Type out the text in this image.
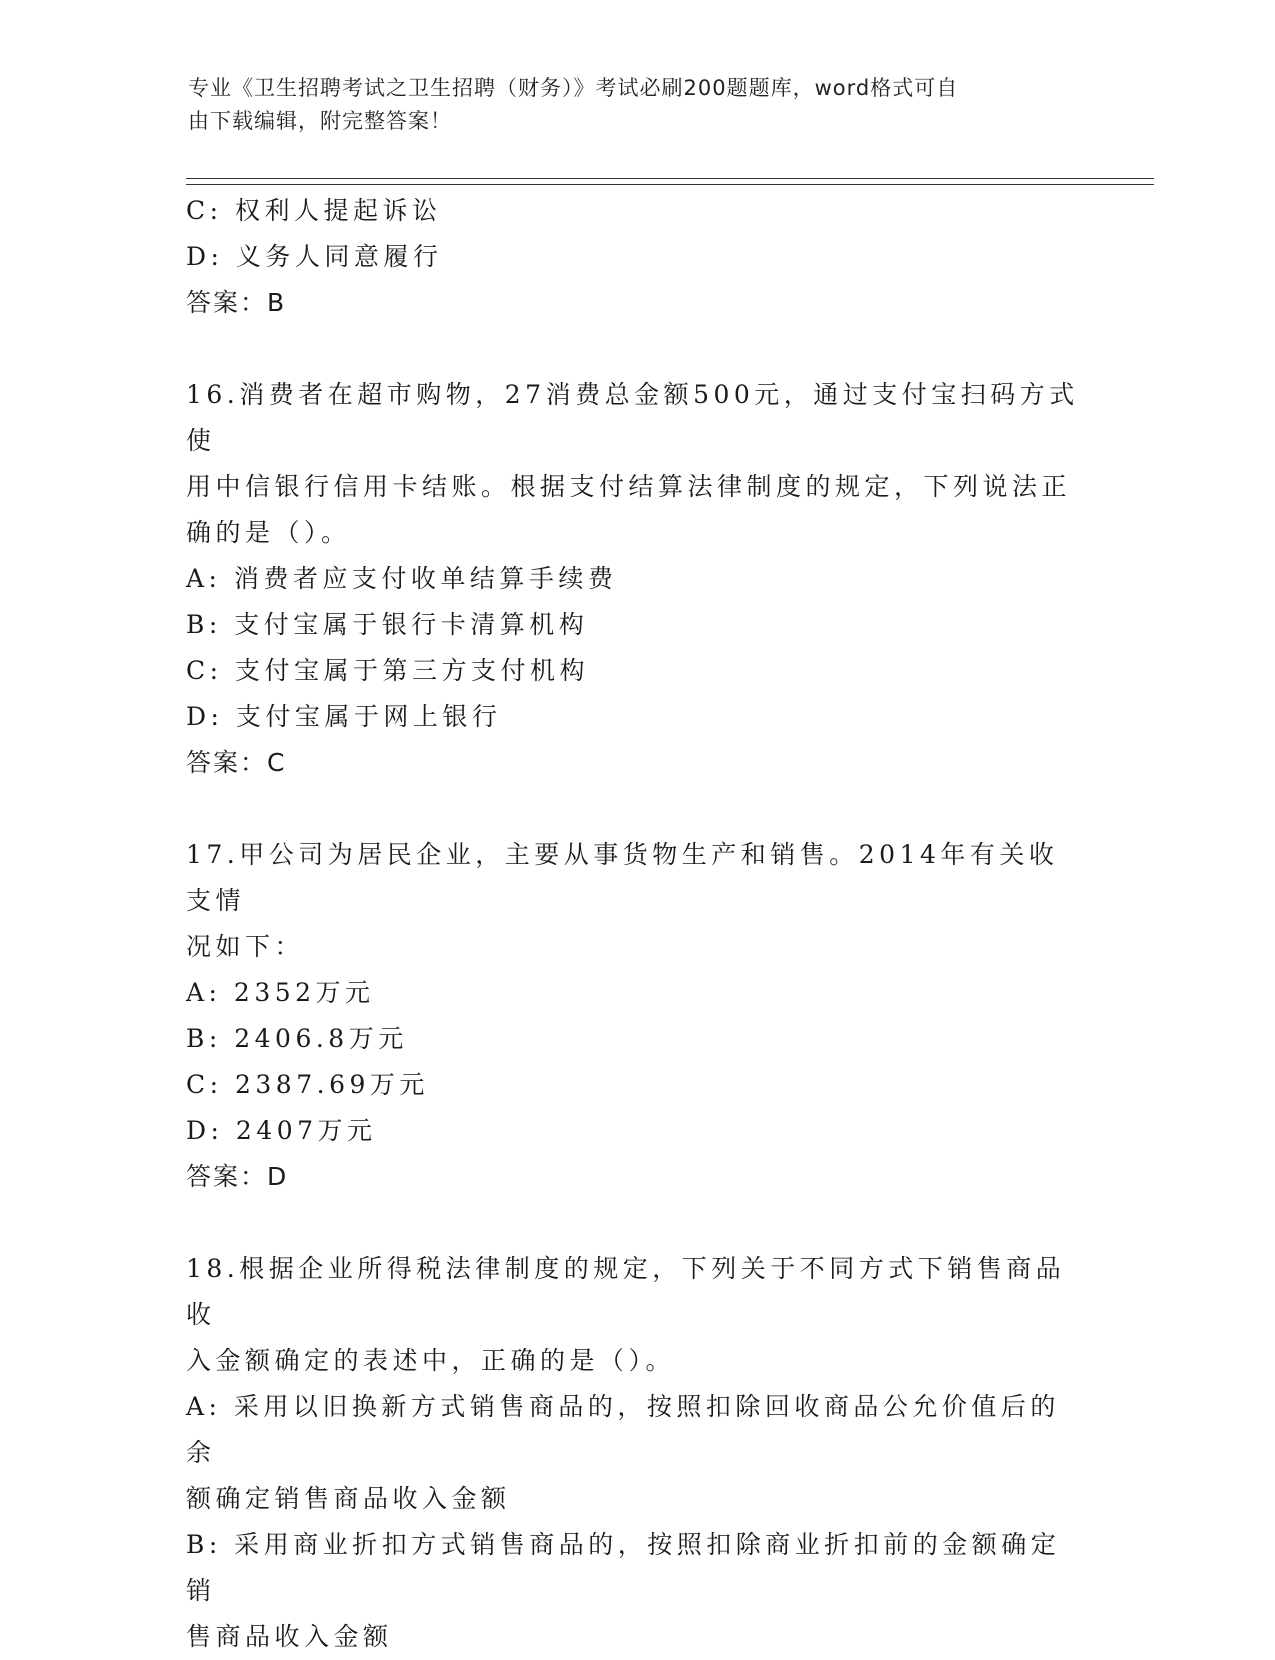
专业《卫生招聘考试之卫生招聘（财务）》考试必刷200题题库，word格式可自
由下载编辑，附完整答案！
C: 权利人提起诉讼
D: 义务人同意履行
答案：B
16.消费者在超市购物，27消费总金额500元，通过支付宝扫码方式使
用中信银行信用卡结账。根据支付结算法律制度的规定，下列说法正
确的是（）。
A: 消费者应支付收单结算手续费
B: 支付宝属于银行卡清算机构
C: 支付宝属于第三方支付机构
D: 支付宝属于网上银行
答案：C
17.甲公司为居民企业，主要从事货物生产和销售。2014年有关收支情
况如下：
A: 2352万元
B: 2406.8万元
C: 2387.69万元
D: 2407万元
答案：D
18.根据企业所得税法律制度的规定，下列关于不同方式下销售商品收
入金额确定的表述中，正确的是（）。
A: 采用以旧换新方式销售商品的，按照扣除回收商品公允价值后的余
额确定销售商品收入金额
B: 采用商业折扣方式销售商品的，按照扣除商业折扣前的金额确定销
售商品收入金额
